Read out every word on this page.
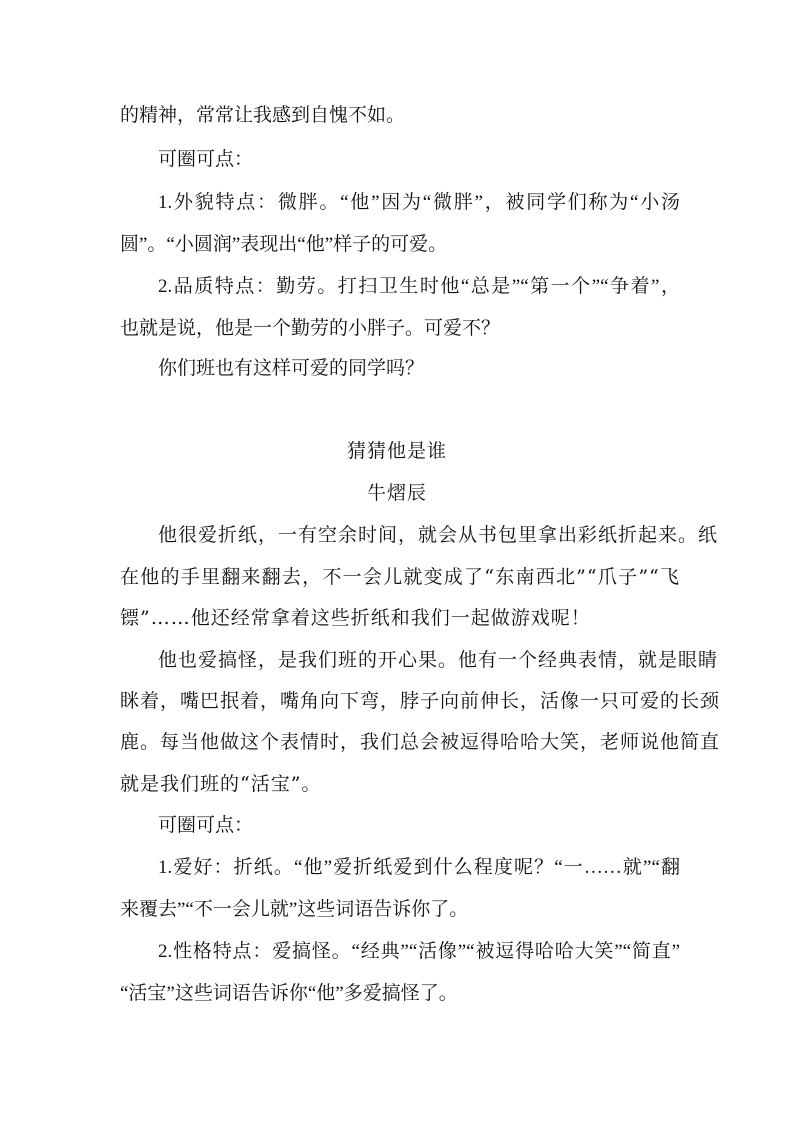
的精神，常常让我感到自愧不如。
可圈可点：
1.外貌特点：微胖。“他”因为“微胖”，被同学们称为“小汤
圆”。“小圆润”表现出“他”样子的可爱。
2.品质特点：勤劳。打扫卫生时他“总是”“第一个”“争着”，
也就是说，他是一个勤劳的小胖子。可爱不？
你们班也有这样可爱的同学吗？
猜猜他是谁
牛熠辰
他很爱折纸，一有空余时间，就会从书包里拿出彩纸折起来。纸
在他的手里翻来翻去，不一会儿就变成了“东南西北”“爪子”“飞
镖”……他还经常拿着这些折纸和我们一起做游戏呢！
他也爱搞怪，是我们班的开心果。他有一个经典表情，就是眼睛
眯着，嘴巴抿着，嘴角向下弯，脖子向前伸长，活像一只可爱的长颈
鹿。每当他做这个表情时，我们总会被逗得哈哈大笑，老师说他简直
就是我们班的“活宝”。
可圈可点：
1.爱好：折纸。“他”爱折纸爱到什么程度呢？“一……就”“翻
来覆去”“不一会儿就”这些词语告诉你了。
2.性格特点：爱搞怪。“经典”“活像”“被逗得哈哈大笑”“简直”
“活宝”这些词语告诉你“他”多爱搞怪了。
